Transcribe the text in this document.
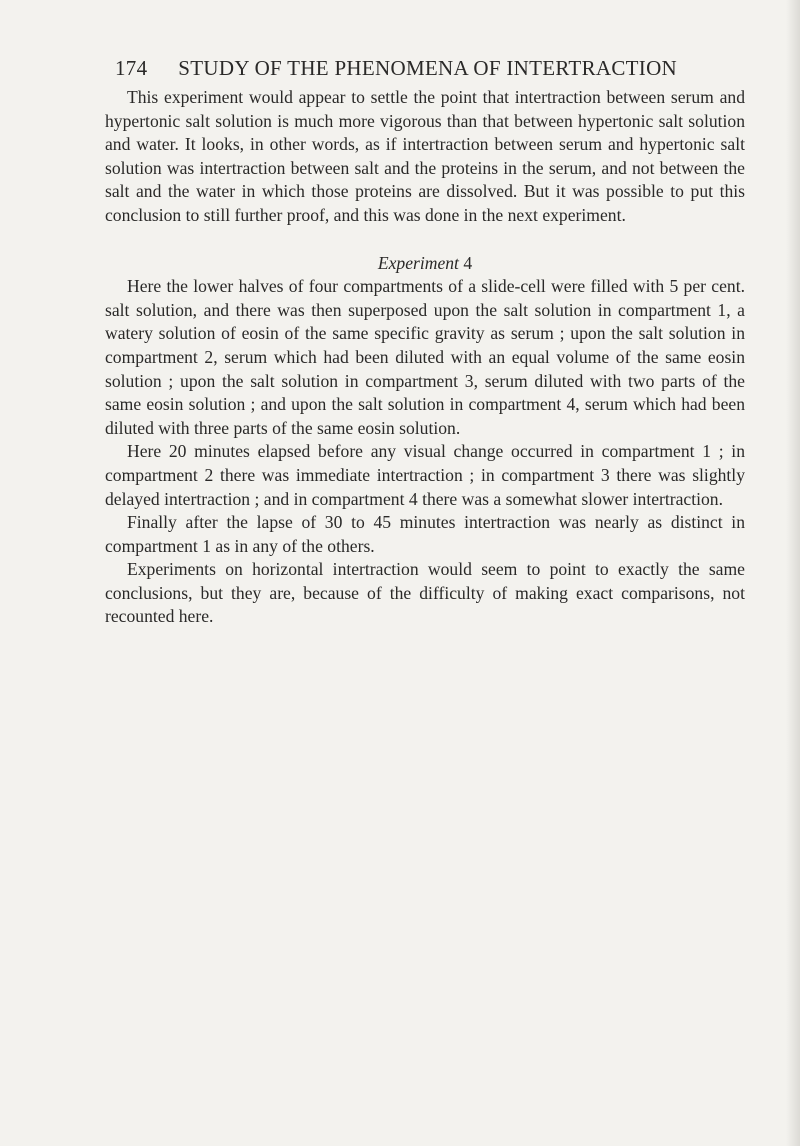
174 STUDY OF THE PHENOMENA OF INTERTRACTION

This experiment would appear to settle the point that intertraction between serum and hypertonic salt solution is much more vigorous than that between hypertonic salt solution and water. It looks, in other words, as if intertraction between serum and hypertonic salt solution was intertraction between salt and the proteins in the serum, and not between the salt and the water in which those proteins are dissolved. But it was possible to put this conclusion to still further proof, and this was done in the next experiment.

Experiment 4

Here the lower halves of four compartments of a slide-cell were filled with 5 per cent. salt solution, and there was then superposed upon the salt solution in compartment 1, a watery solution of eosin of the same specific gravity as serum ; upon the salt solution in compartment 2, serum which had been diluted with an equal volume of the same eosin solution ; upon the salt solution in compartment 3, serum diluted with two parts of the same eosin solution ; and upon the salt solution in compartment 4, serum which had been diluted with three parts of the same eosin solution.

Here 20 minutes elapsed before any visual change occurred in compartment 1 ; in compartment 2 there was immediate intertraction ; in compartment 3 there was slightly delayed intertraction ; and in compartment 4 there was a somewhat slower intertraction.

Finally after the lapse of 30 to 45 minutes intertraction was nearly as distinct in compartment 1 as in any of the others.

Experiments on horizontal intertraction would seem to point to exactly the same conclusions, but they are, because of the difficulty of making exact comparisons, not recounted here.
